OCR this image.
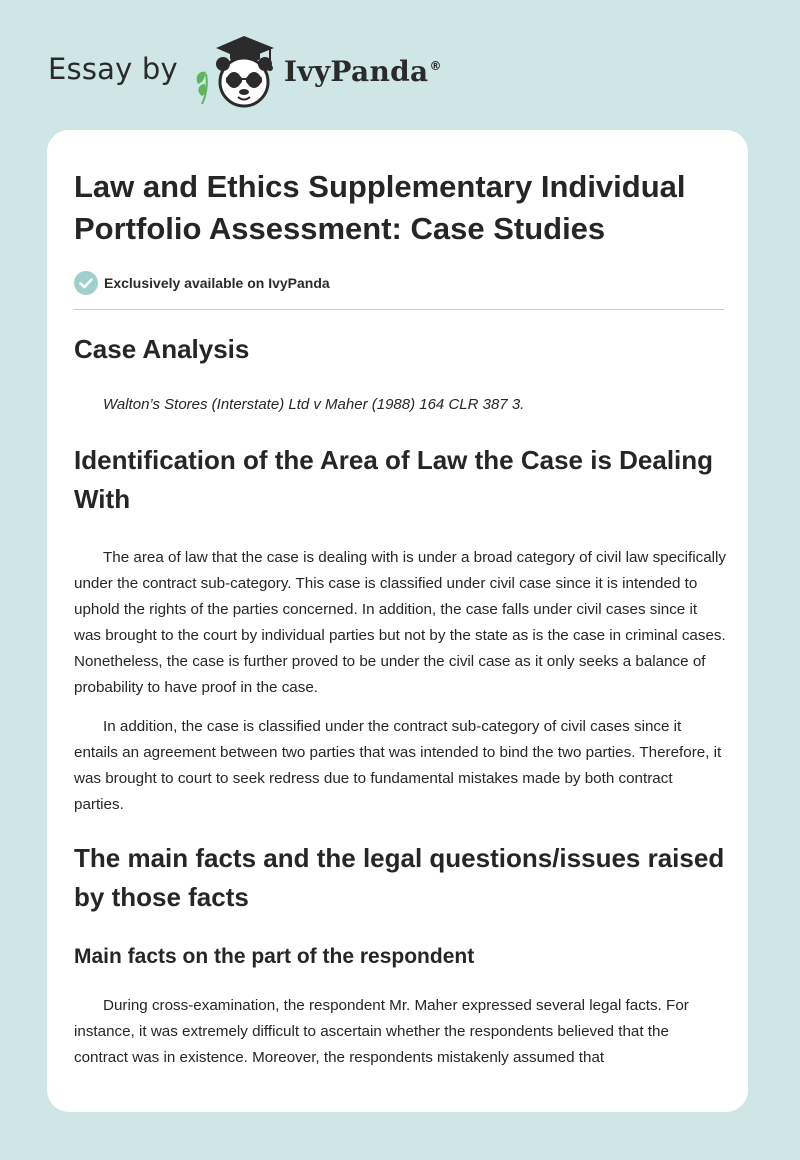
Essay by	IvyPanda®
Law and Ethics Supplementary Individual Portfolio Assessment: Case Studies
Exclusively available on IvyPanda
Case Analysis
Walton’s Stores (Interstate) Ltd v Maher (1988) 164 CLR 387 3.
Identification of the Area of Law the Case is Dealing With

The area of law that the case is dealing with is under a broad category of civil law specifically under the contract sub-category. This case is classified under civil case since it is intended to uphold the rights of the parties concerned. In addition, the case falls under civil cases since it was brought to the court by individual parties but not by the state as is the case in criminal cases. Nonetheless, the case is further proved to be under the civil case as it only seeks a balance of probability to have proof in the case.

In addition, the case is classified under the contract sub-category of civil cases since it entails an agreement between two parties that was intended to bind the two parties. Therefore, it was brought to court to seek redress due to fundamental mistakes made by both contract parties.

The main facts and the legal questions/issues raised by those facts
Main facts on the part of the respondent

During cross-examination, the respondent Mr. Maher expressed several legal facts. For instance, it was extremely difficult to ascertain whether the respondents believed that the contract was in existence. Moreover, the respondents mistakenly assumed that
